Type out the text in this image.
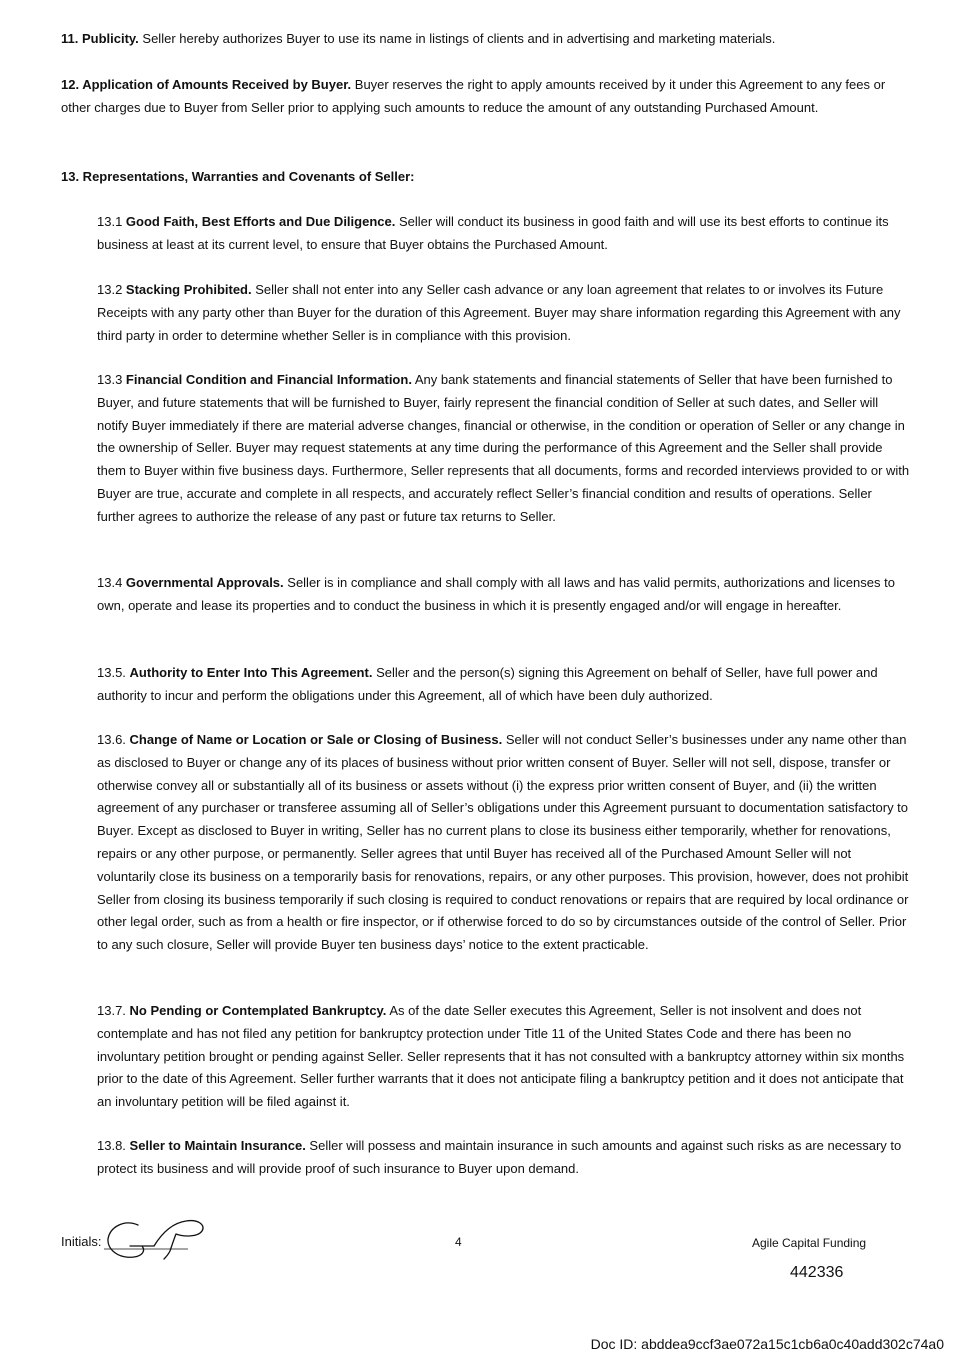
11. Publicity. Seller hereby authorizes Buyer to use its name in listings of clients and in advertising and marketing materials.

12. Application of Amounts Received by Buyer. Buyer reserves the right to apply amounts received by it under this Agreement to any fees or other charges due to Buyer from Seller prior to applying such amounts to reduce the amount of any outstanding Purchased Amount.

13. Representations, Warranties and Covenants of Seller:

13.1 Good Faith, Best Efforts and Due Diligence. Seller will conduct its business in good faith and will use its best efforts to continue its business at least at its current level, to ensure that Buyer obtains the Purchased Amount.

13.2 Stacking Prohibited. Seller shall not enter into any Seller cash advance or any loan agreement that relates to or involves its Future Receipts with any party other than Buyer for the duration of this Agreement. Buyer may share information regarding this Agreement with any third party in order to determine whether Seller is in compliance with this provision.

13.3 Financial Condition and Financial Information. Any bank statements and financial statements of Seller that have been furnished to Buyer, and future statements that will be furnished to Buyer, fairly represent the financial condition of Seller at such dates, and Seller will notify Buyer immediately if there are material adverse changes, financial or otherwise, in the condition or operation of Seller or any change in the ownership of Seller. Buyer may request statements at any time during the performance of this Agreement and the Seller shall provide them to Buyer within five business days. Furthermore, Seller represents that all documents, forms and recorded interviews provided to or with Buyer are true, accurate and complete in all respects, and accurately reflect Seller’s financial condition and results of operations. Seller further agrees to authorize the release of any past or future tax returns to Seller.

13.4 Governmental Approvals. Seller is in compliance and shall comply with all laws and has valid permits, authorizations and licenses to own, operate and lease its properties and to conduct the business in which it is presently engaged and/or will engage in hereafter.

13.5. Authority to Enter Into This Agreement. Seller and the person(s) signing this Agreement on behalf of Seller, have full power and authority to incur and perform the obligations under this Agreement, all of which have been duly authorized.

13.6. Change of Name or Location or Sale or Closing of Business. Seller will not conduct Seller’s businesses under any name other than as disclosed to Buyer or change any of its places of business without prior written consent of Buyer. Seller will not sell, dispose, transfer or otherwise convey all or substantially all of its business or assets without (i) the express prior written consent of Buyer, and (ii) the written agreement of any purchaser or transferee assuming all of Seller’s obligations under this Agreement pursuant to documentation satisfactory to Buyer. Except as disclosed to Buyer in writing, Seller has no current plans to close its business either temporarily, whether for renovations, repairs or any other purpose, or permanently. Seller agrees that until Buyer has received all of the Purchased Amount Seller will not voluntarily close its business on a temporarily basis for renovations, repairs, or any other purposes. This provision, however, does not prohibit Seller from closing its business temporarily if such closing is required to conduct renovations or repairs that are required by local ordinance or other legal order, such as from a health or fire inspector, or if otherwise forced to do so by circumstances outside of the control of Seller. Prior to any such closure, Seller will provide Buyer ten business days’ notice to the extent practicable.

13.7. No Pending or Contemplated Bankruptcy. As of the date Seller executes this Agreement, Seller is not insolvent and does not contemplate and has not filed any petition for bankruptcy protection under Title 11 of the United States Code and there has been no involuntary petition brought or pending against Seller. Seller represents that it has not consulted with a bankruptcy attorney within six months prior to the date of this Agreement. Seller further warrants that it does not anticipate filing a bankruptcy petition and it does not anticipate that an involuntary petition will be filed against it.

13.8. Seller to Maintain Insurance. Seller will possess and maintain insurance in such amounts and against such risks as are necessary to protect its business and will provide proof of such insurance to Buyer upon demand.

Initials:	4	Agile Capital Funding
442336
Doc ID: abddea9ccf3ae072a15c1cb6a0c40add302c74a0
